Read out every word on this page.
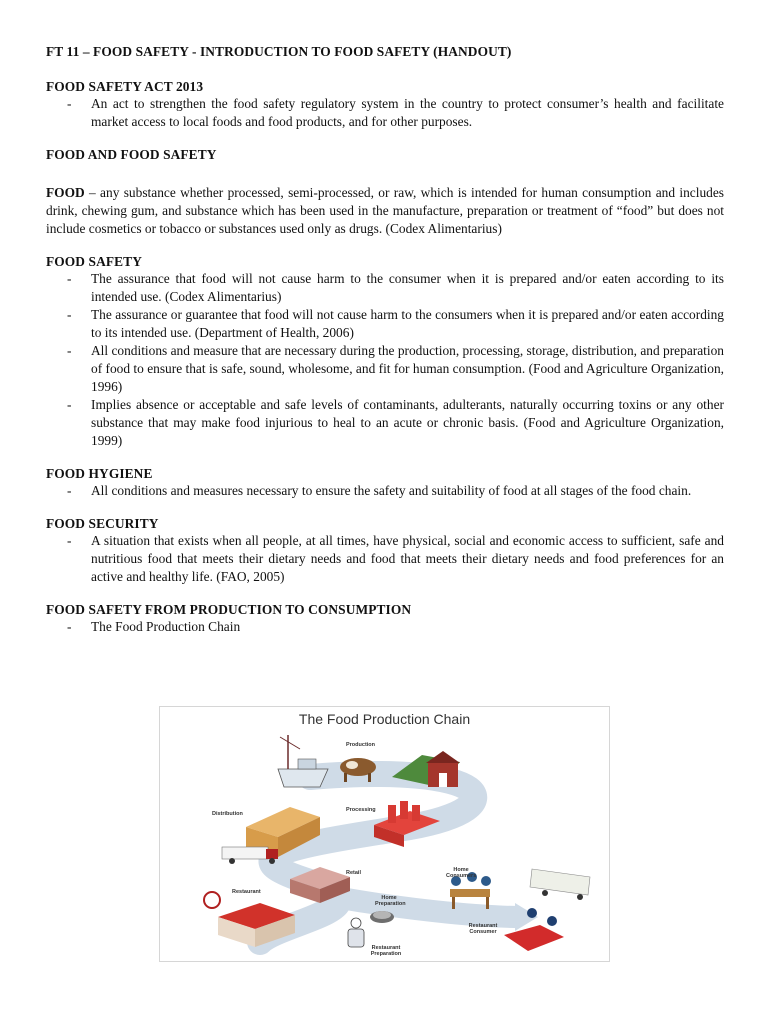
FT 11 – FOOD SAFETY - INTRODUCTION TO FOOD SAFETY (HANDOUT)

FOOD SAFETY ACT 2013

- An act to strengthen the food safety regulatory system in the country to protect consumer’s health and facilitate market access to local foods and food products, and for other purposes.

FOOD AND FOOD SAFETY

FOOD – any substance whether processed, semi-processed, or raw, which is intended for human consumption and includes drink, chewing gum, and substance which has been used in the manufacture, preparation or treatment of “food” but does not include cosmetics or tobacco or substances used only as drugs. (Codex Alimentarius)

FOOD SAFETY

- The assurance that food will not cause harm to the consumer when it is prepared and/or eaten according to its intended use. (Codex Alimentarius)
- The assurance or guarantee that food will not cause harm to the consumers when it is prepared and/or eaten according to its intended use. (Department of Health, 2006)
- All conditions and measure that are necessary during the production, processing, storage, distribution, and preparation of food to ensure that is safe, sound, wholesome, and fit for human consumption. (Food and Agriculture Organization, 1996)
- Implies absence or acceptable and safe levels of contaminants, adulterants, naturally occurring toxins or any other substance that may make food injurious to heal to an acute or chronic basis. (Food and Agriculture Organization, 1999)

FOOD HYGIENE

- All conditions and measures necessary to ensure the safety and suitability of food at all stages of the food chain.

FOOD SECURITY

- A situation that exists when all people, at all times, have physical, social and economic access to sufficient, safe and nutritious food that meets their dietary needs and food that meets their dietary needs and food preferences for an active and healthy life. (FAO, 2005)

FOOD SAFETY FROM PRODUCTION TO CONSUMPTION

- The Food Production Chain
The Food Production Chain
Production
Distribution
Processing
Retail
Restaurant
Home Preparation
Home Consumers
Restaurant Consumer
Restaurant Preparation
